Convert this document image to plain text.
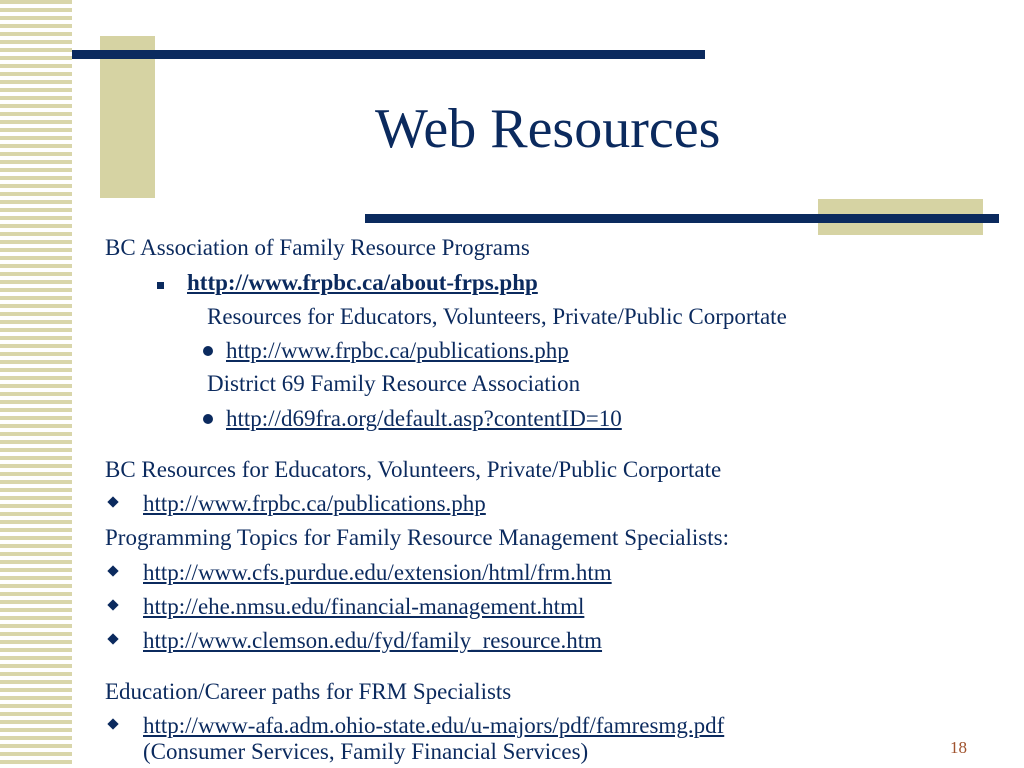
Web Resources
BC Association of Family Resource Programs
http://www.frpbc.ca/about-frps.php
Resources for Educators, Volunteers, Private/Public Corportate
http://www.frpbc.ca/publications.php
District 69 Family Resource Association
http://d69fra.org/default.asp?contentID=10
BC Resources for Educators, Volunteers, Private/Public Corportate
http://www.frpbc.ca/publications.php
Programming Topics for Family Resource Management Specialists:
http://www.cfs.purdue.edu/extension/html/frm.htm
http://ehe.nmsu.edu/financial-management.html
http://www.clemson.edu/fyd/family_resource.htm
Education/Career paths for FRM Specialists
http://www-afa.adm.ohio-state.edu/u-majors/pdf/famresmg.pdf
(Consumer Services, Family Financial Services)	18
